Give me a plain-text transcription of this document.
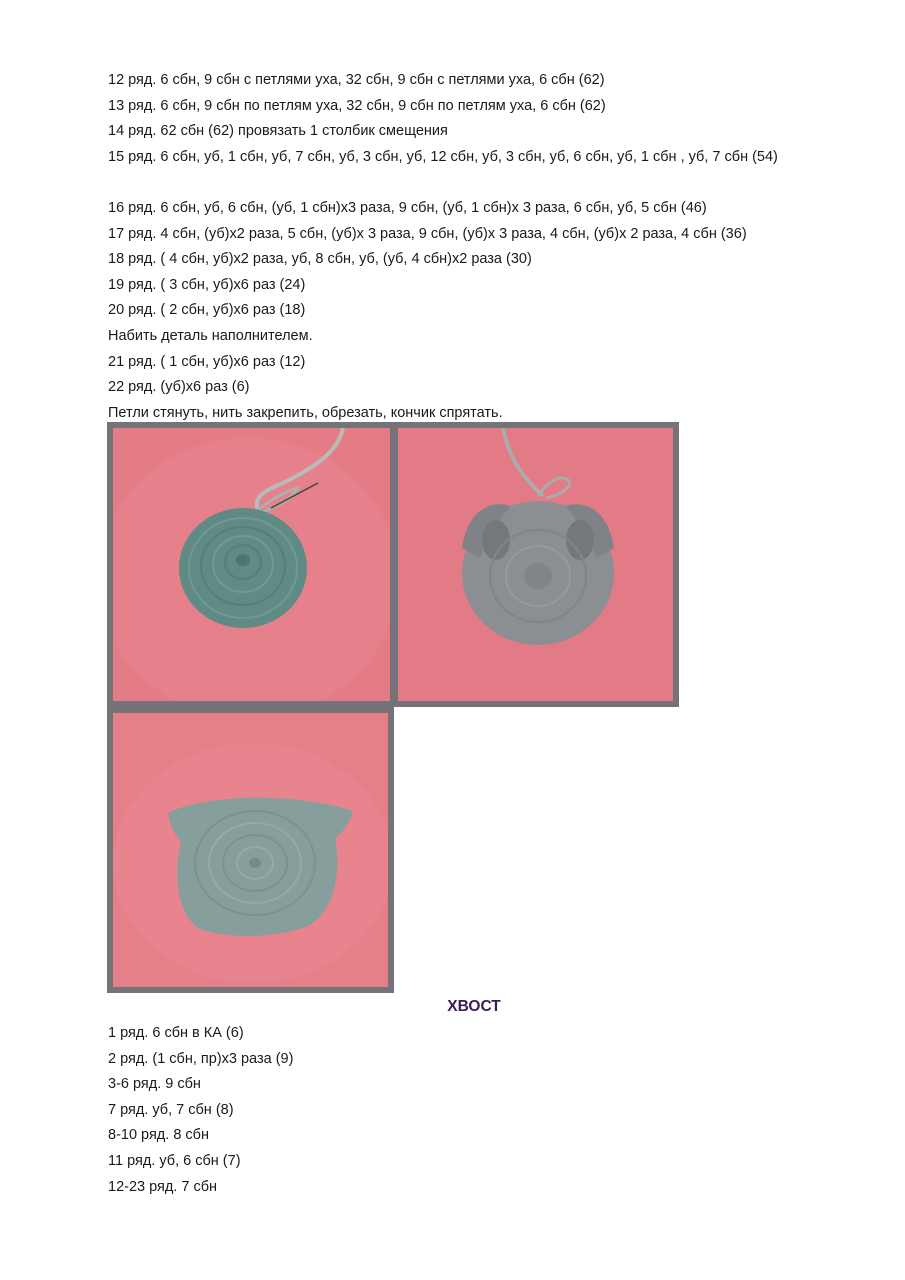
12 ряд. 6 сбн, 9 сбн с петлями уха, 32 сбн, 9 сбн с петлями уха, 6 сбн (62)
13 ряд. 6 сбн, 9 сбн по петлям уха, 32 сбн, 9 сбн по петлям уха, 6 сбн (62)
14 ряд. 62 сбн (62) провязать 1 столбик смещения
15 ряд. 6 сбн, уб, 1 сбн, уб, 7 сбн, уб, 3 сбн, уб, 12 сбн, уб, 3 сбн, уб, 6 сбн, уб, 1 сбн , уб, 7 сбн (54)
16 ряд. 6 сбн, уб, 6 сбн, (уб, 1 сбн)х3 раза, 9 сбн, (уб, 1 сбн)х 3 раза, 6 сбн, уб, 5 сбн (46)
17 ряд. 4 сбн, (уб)х2 раза, 5 сбн, (уб)х 3 раза, 9 сбн, (уб)х 3 раза, 4 сбн, (уб)х 2 раза, 4 сбн (36)
18 ряд. ( 4 сбн, уб)х2 раза, уб, 8 сбн, уб, (уб, 4 сбн)х2 раза (30)
19 ряд. ( 3 сбн, уб)х6 раз (24)
20 ряд. ( 2 сбн, уб)х6 раз (18)
Набить деталь наполнителем.
21 ряд. ( 1 сбн, уб)х6 раз (12)
22 ряд. (уб)х6 раз (6)
Петли стянуть, нить закрепить, обрезать, кончик спрятать.
ХВОСТ
1 ряд. 6 сбн в КА (6)
2 ряд. (1 сбн, пр)х3 раза (9)
3-6 ряд. 9 сбн
7 ряд. уб, 7 сбн (8)
8-10 ряд. 8 сбн
11 ряд. уб, 6 сбн (7)
12-23 ряд. 7 сбн
